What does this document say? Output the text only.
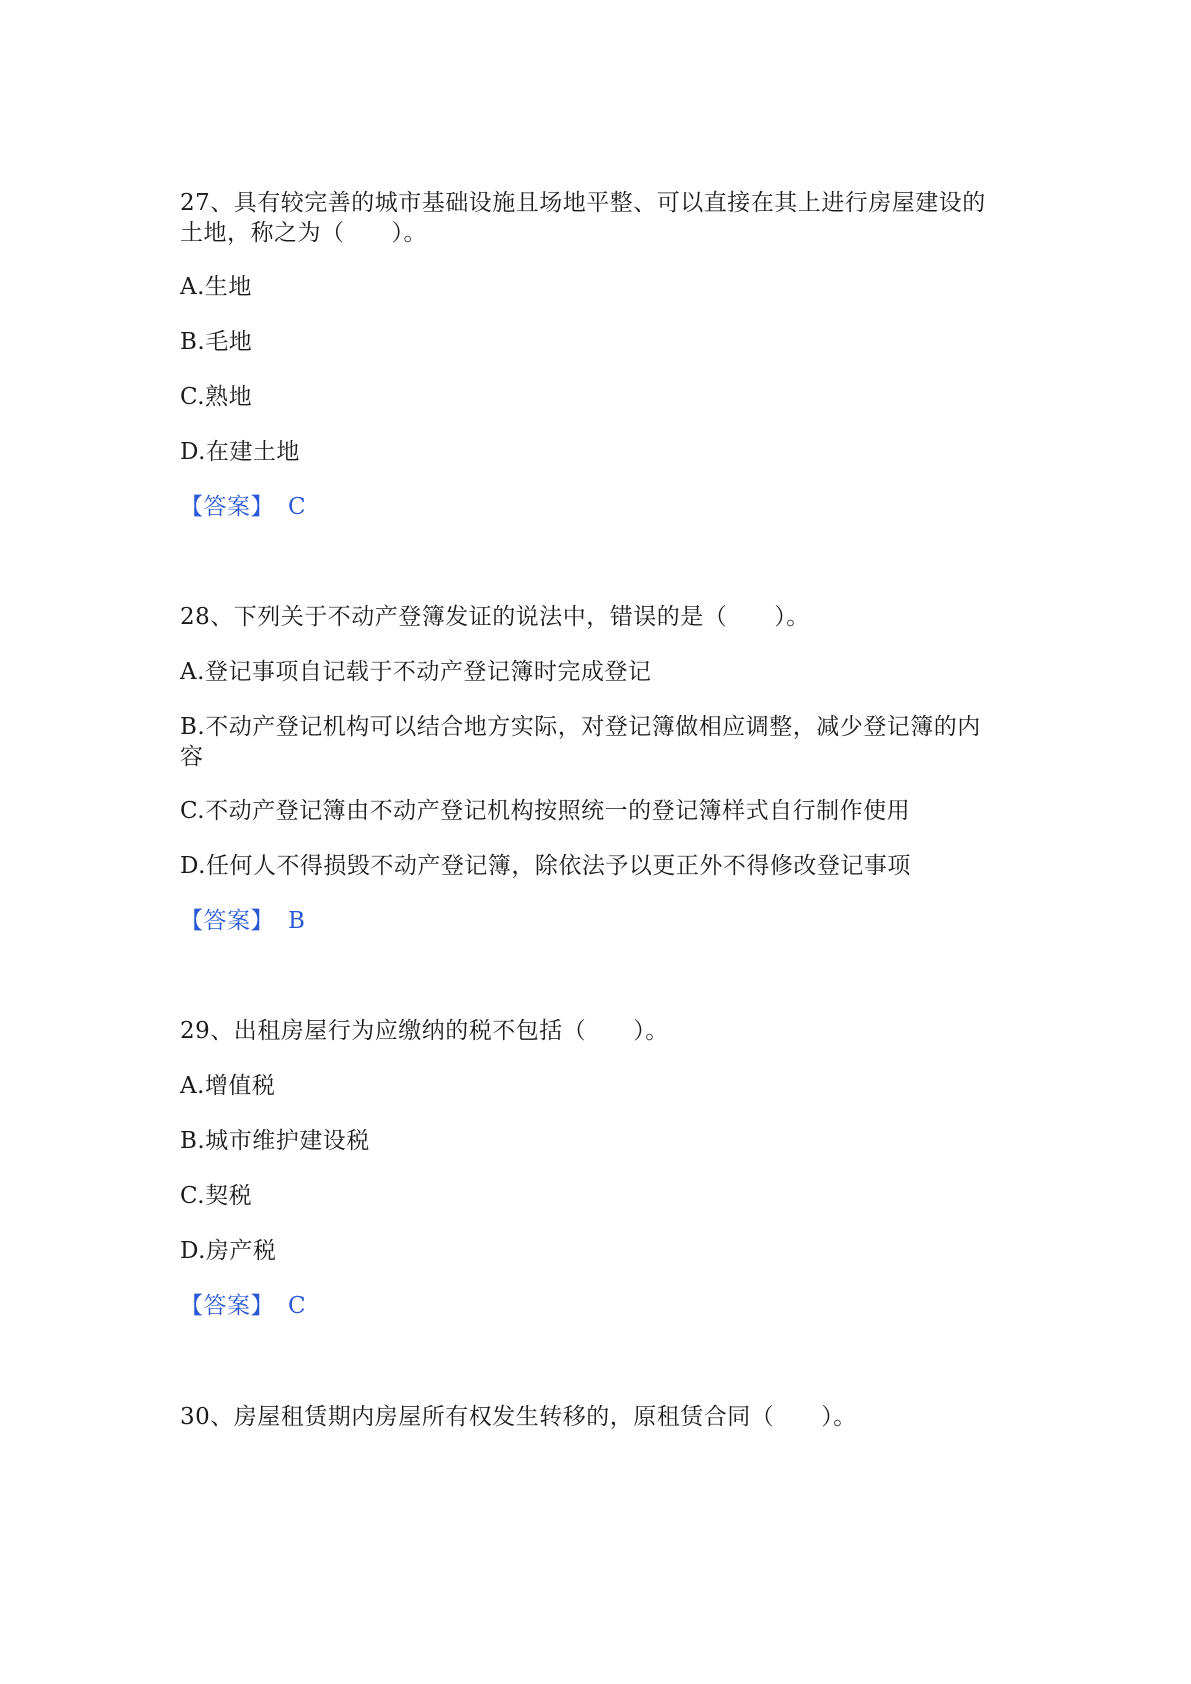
27、具有较完善的城市基础设施且场地平整、可以直接在其上进行房屋建设的
土地，称之为（　　）。
A.生地
B.毛地
C.熟地
D.在建土地
【答案】 C
28、下列关于不动产登簿发证的说法中，错误的是（　　）。
A.登记事项自记载于不动产登记簿时完成登记
B.不动产登记机构可以结合地方实际，对登记簿做相应调整，减少登记簿的内
容
C.不动产登记簿由不动产登记机构按照统一的登记簿样式自行制作使用
D.任何人不得损毁不动产登记簿，除依法予以更正外不得修改登记事项
【答案】 B
29、出租房屋行为应缴纳的税不包括（　　）。
A.增值税
B.城市维护建设税
C.契税
D.房产税
【答案】 C
30、房屋租赁期内房屋所有权发生转移的，原租赁合同（　　）。
